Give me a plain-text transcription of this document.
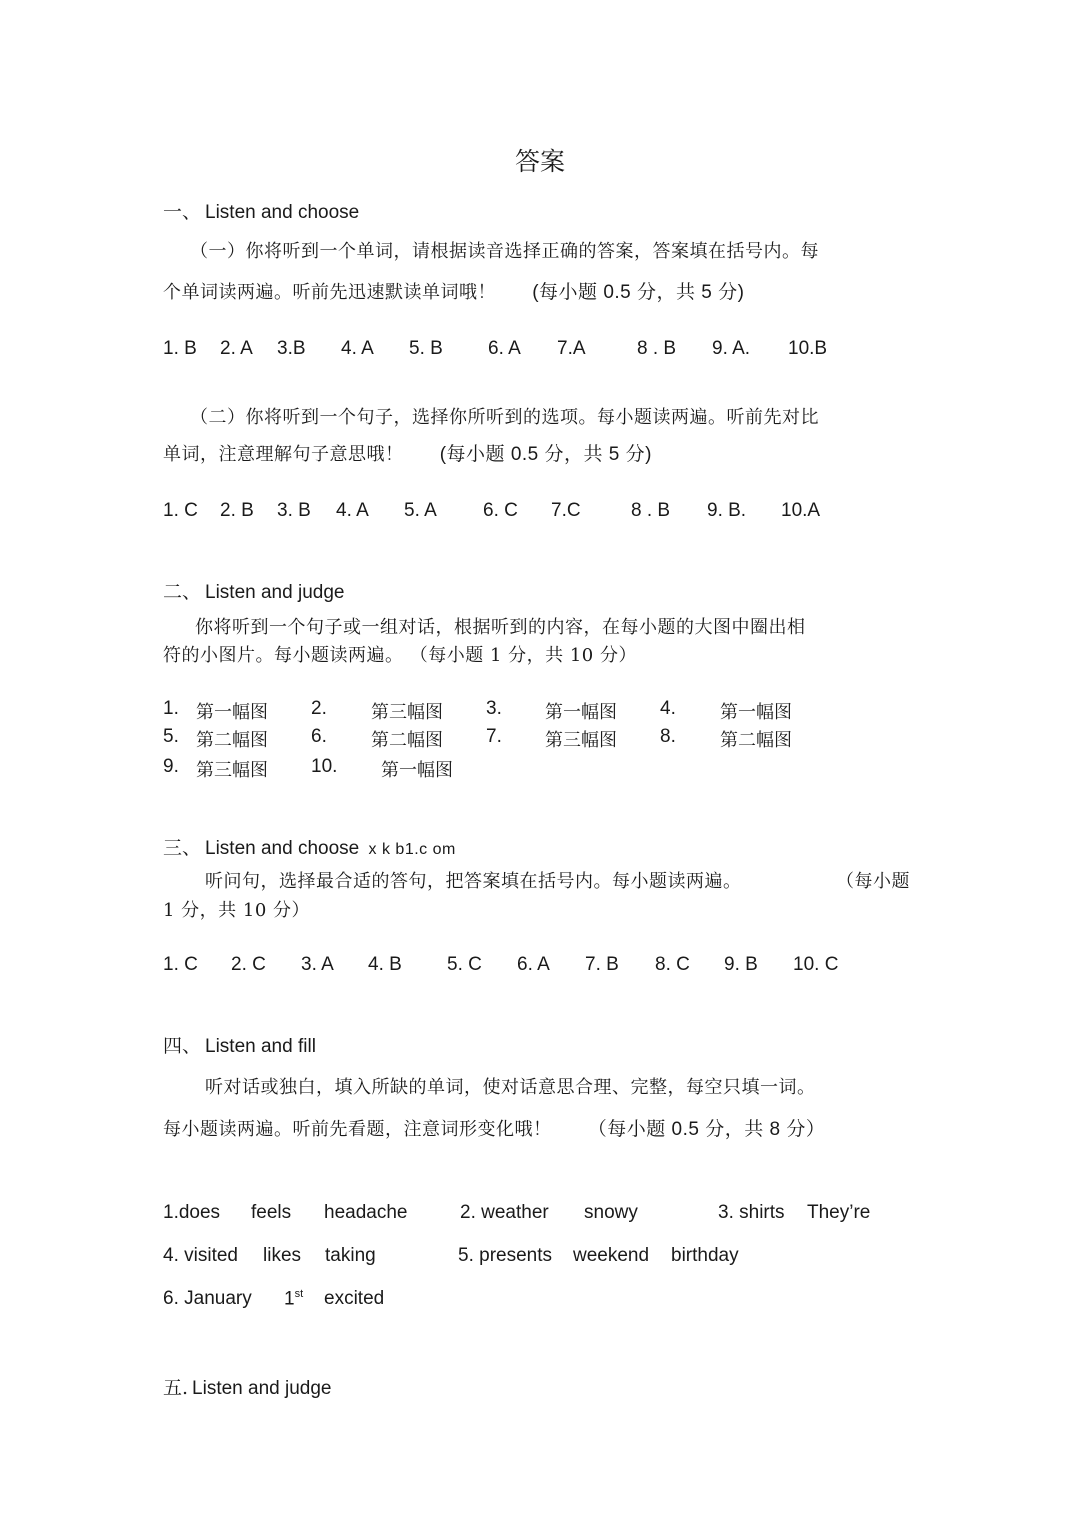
答案
一、 Listen and choose
（一）你将听到一个单词，请根据读音选择正确的答案，答案填在括号内。每
个单词读两遍。听前先迅速默读单词哦！ (每小题 0.5 分，共 5 分)
1. B 2. A 3.B 4. A 5. B 6. A 7.A	8 . B 9. A. 10.B
（二）你将听到一个句子，选择你所听到的选项。每小题读两遍。听前先对比
单词，注意理解句子意思哦！ (每小题 0.5 分，共 5 分)
1. C 2. B 3. B 4. A 5. A 6. C 7.C	8 . B 9. B. 10.A
二、 Listen and judge
你将听到一个句子或一组对话，根据听到的内容，在每小题的大图中圈出相
符的小图片。每小题读两遍。 （每小题 1 分，共 10 分）
1. 第一幅图 2. 第三幅图 3. 第一幅图 4. 第一幅图
5. 第二幅图 6. 第二幅图 7. 第三幅图 8. 第二幅图
9. 第三幅图 10. 第一幅图
三、 Listen and choose x k b1.c om
听问句，选择最合适的答句，把答案填在括号内。每小题读两遍。	（每小题
1 分，共 10 分）
1. C 2. C 3. A 4. B 5. C 6. A 7. B 8. C 9. B 10. C
四、 Listen and fill
听对话或独白，填入所缺的单词，使对话意思合理、完整，每空只填一词。
每小题读两遍。听前先看题，注意词形变化哦！ （每小题 0.5 分，共 8 分）
1.does feels headache	2. weather snowy	3. shirts They’re
4. visited likes taking	5. presents weekend birthday
6. January 1st excited
五. Listen and judge
